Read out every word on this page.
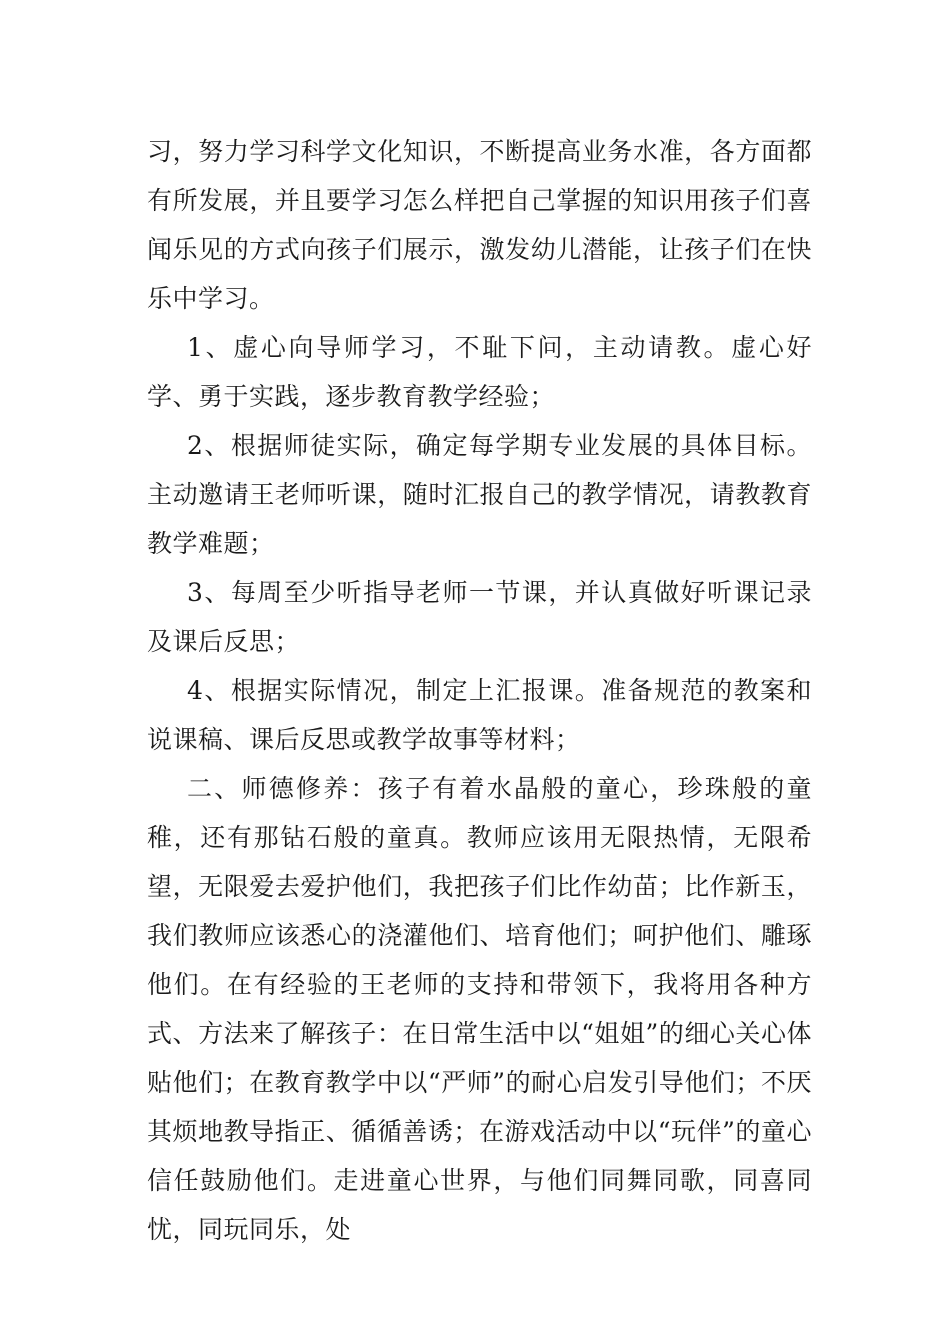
习，努力学习科学文化知识，不断提高业务水准，各方面都有所发展，并且要学习怎么样把自己掌握的知识用孩子们喜闻乐见的方式向孩子们展示，激发幼儿潜能，让孩子们在快乐中学习。

1、虚心向导师学习，不耻下问，主动请教。虚心好学、勇于实践，逐步教育教学经验；

2、根据师徒实际，确定每学期专业发展的具体目标。主动邀请王老师听课，随时汇报自己的教学情况，请教教育教学难题；

3、每周至少听指导老师一节课，并认真做好听课记录及课后反思；

4、根据实际情况，制定上汇报课。准备规范的教案和说课稿、课后反思或教学故事等材料；

二、师德修养：孩子有着水晶般的童心，珍珠般的童稚，还有那钻石般的童真。教师应该用无限热情，无限希望，无限爱去爱护他们，我把孩子们比作幼苗；比作新玉，我们教师应该悉心的浇灌他们、培育他们；呵护他们、雕琢他们。在有经验的王老师的支持和带领下，我将用各种方式、方法来了解孩子：在日常生活中以“姐姐”的细心关心体贴他们；在教育教学中以“严师”的耐心启发引导他们；不厌其烦地教导指正、循循善诱；在游戏活动中以“玩伴”的童心信任鼓励他们。走进童心世界，与他们同舞同歌，同喜同忧，同玩同乐，处
